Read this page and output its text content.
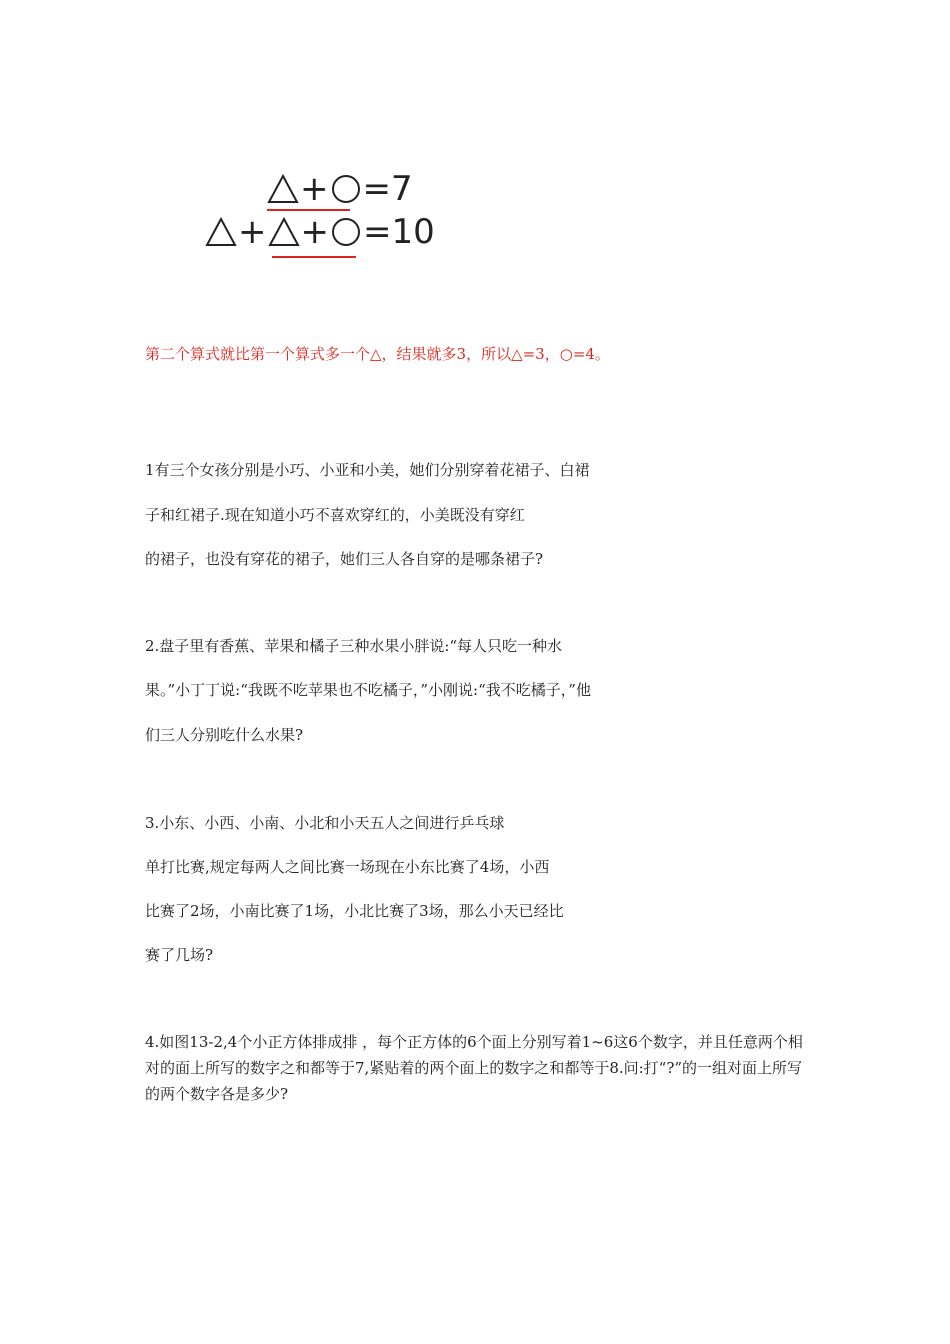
+ =7
+ + =10
第二个算式就比第一个算式多一个△，结果就多3，所以△=3，○=4。
1有三个女孩分别是小巧、小亚和小美，她们分别穿着花裙子、白裙
子和红裙子.现在知道小巧不喜欢穿红的，小美既没有穿红
的裙子，也没有穿花的裙子，她们三人各自穿的是哪条裙子?
2.盘子里有香蕉、苹果和橘子三种水果小胖说:“每人只吃一种水
果。”小丁丁说:“我既不吃苹果也不吃橘子，”小刚说:“我不吃橘子，”他
们三人分别吃什么水果?
3.小东、小西、小南、小北和小天五人之间进行乒乓球
单打比赛,规定每两人之间比赛一场现在小东比赛了4场，小西
比赛了2场，小南比赛了1场，小北比赛了3场，那么小天已经比
赛了几场?
4.如图13-2,4个小正方体排成排 ，每个正方体的6个面上分别写着1~6这6个数字，并且任意两个相对的面上所写的数字之和都等于7,紧贴着的两个面上的数字之和都等于8.问:打“?”的一组对面上所写的两个数字各是多少?
